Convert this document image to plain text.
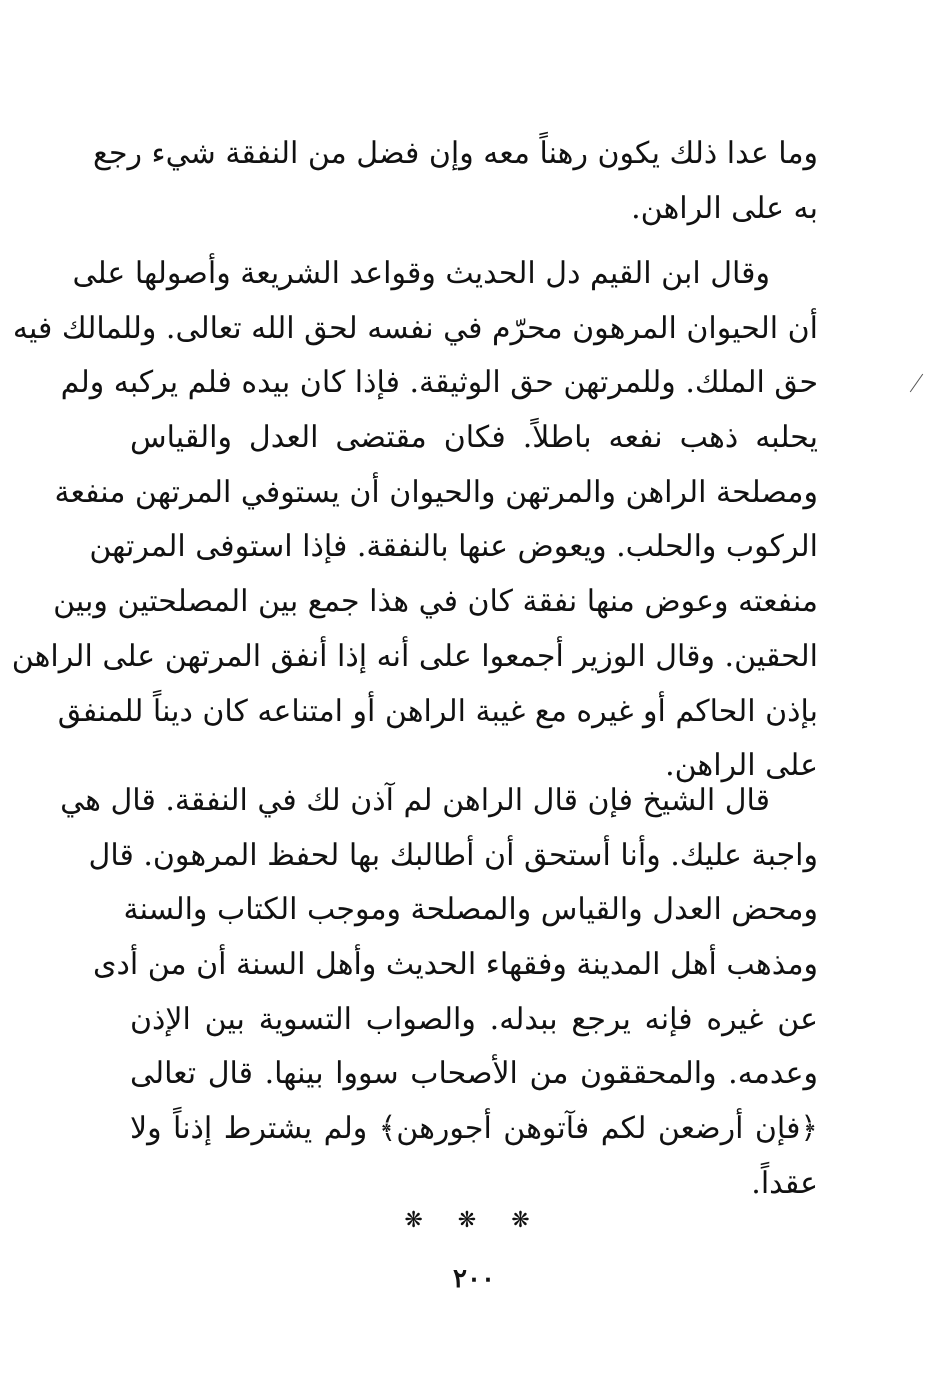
وما عدا ذلك يكون رهناً معه وإن فضل من النفقة شيء رجع
به على الراهن.
وقال ابن القيم دل الحديث وقواعد الشريعة وأصولها على
أن الحيوان المرهون محرّم في نفسه لحق الله تعالى. وللمالك فيه
حق الملك. وللمرتهن حق الوثيقة. فإذا كان بيده فلم يركبه ولم
يحلبه ذهب نفعه باطلاً. فكان مقتضى العدل والقياس
ومصلحة الراهن والمرتهن والحيوان أن يستوفي المرتهن منفعة
الركوب والحلب. ويعوض عنها بالنفقة. فإذا استوفى المرتهن
منفعته وعوض منها نفقة كان في هذا جمع بين المصلحتين وبين
الحقين. وقال الوزير أجمعوا على أنه إذا أنفق المرتهن على الراهن
بإذن الحاكم أو غيره مع غيبة الراهن أو امتناعه كان ديناً للمنفق
على الراهن.
قال الشيخ فإن قال الراهن لم آذن لك في النفقة. قال هي
واجبة عليك. وأنا أستحق أن أطالبك بها لحفظ المرهون. قال
ومحض العدل والقياس والمصلحة وموجب الكتاب والسنة
ومذهب أهل المدينة وفقهاء الحديث وأهل السنة أن من أدى
عن غيره فإنه يرجع ببدله. والصواب التسوية بين الإذن
وعدمه. والمحققون من الأصحاب سووا بينها. قال تعالى
﴿فإن أرضعن لكم فآتوهن أجورهن﴾ ولم يشترط إذناً ولا
عقداً.
❋ ❋ ❋
٢٠٠
